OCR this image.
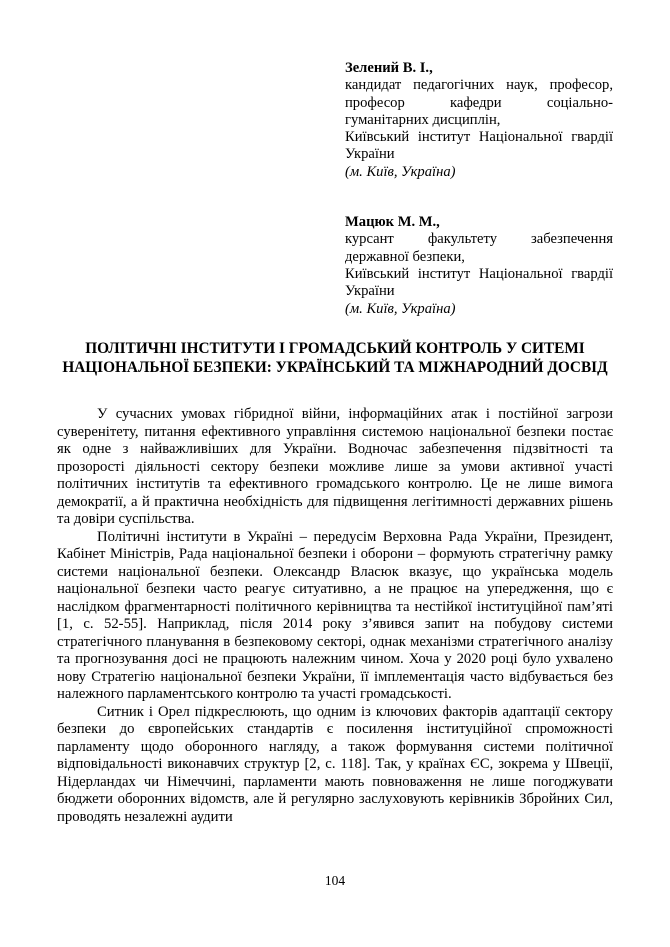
Зелений В. І.,
кандидат педагогічних наук, професор, професор кафедри соціально-гуманітарних дисциплін,
Київський інститут Національної гвардії України
(м. Київ, Україна)
Мацюк М. М.,
курсант факультету забезпечення державної безпеки,
Київський інститут Національної гвардії України
(м. Київ, Україна)
ПОЛІТИЧНІ ІНСТИТУТИ І ГРОМАДСЬКИЙ КОНТРОЛЬ У СИТЕМІ НАЦІОНАЛЬНОЇ БЕЗПЕКИ: УКРАЇНСЬКИЙ ТА МІЖНАРОДНИЙ ДОСВІД

У сучасних умовах гібридної війни, інформаційних атак і постійної загрози суверенітету, питання ефективного управління системою національної безпеки постає як одне з найважливіших для України. Водночас забезпечення підзвітності та прозорості діяльності сектору безпеки можливе лише за умови активної участі політичних інститутів та ефективного громадського контролю. Це не лише вимога демократії, а й практична необхідність для підвищення легітимності державних рішень та довіри суспільства.

Політичні інститути в Україні – передусім Верховна Рада України, Президент, Кабінет Міністрів, Рада національної безпеки і оборони – формують стратегічну рамку системи національної безпеки. Олександр Власюк вказує, що українська модель національної безпеки часто реагує ситуативно, а не працює на упередження, що є наслідком фрагментарності політичного керівництва та нестійкої інституційної пам’яті [1, с. 52-55]. Наприклад, після 2014 року з’явився запит на побудову системи стратегічного планування в безпековому секторі, однак механізми стратегічного аналізу та прогнозування досі не працюють належним чином. Хоча у 2020 році було ухвалено нову Стратегію національної безпеки України, її імплементація часто відбувається без належного парламентського контролю та участі громадськості.

Ситник і Орел підкреслюють, що одним із ключових факторів адаптації сектору безпеки до європейських стандартів є посилення інституційної спроможності парламенту щодо оборонного нагляду, а також формування системи політичної відповідальності виконавчих структур [2, с. 118]. Так, у країнах ЄС, зокрема у Швеції, Нідерландах чи Німеччині, парламенти мають повноваження не лише погоджувати бюджети оборонних відомств, але й регулярно заслуховують керівників Збройних Сил, проводять незалежні аудити

104
